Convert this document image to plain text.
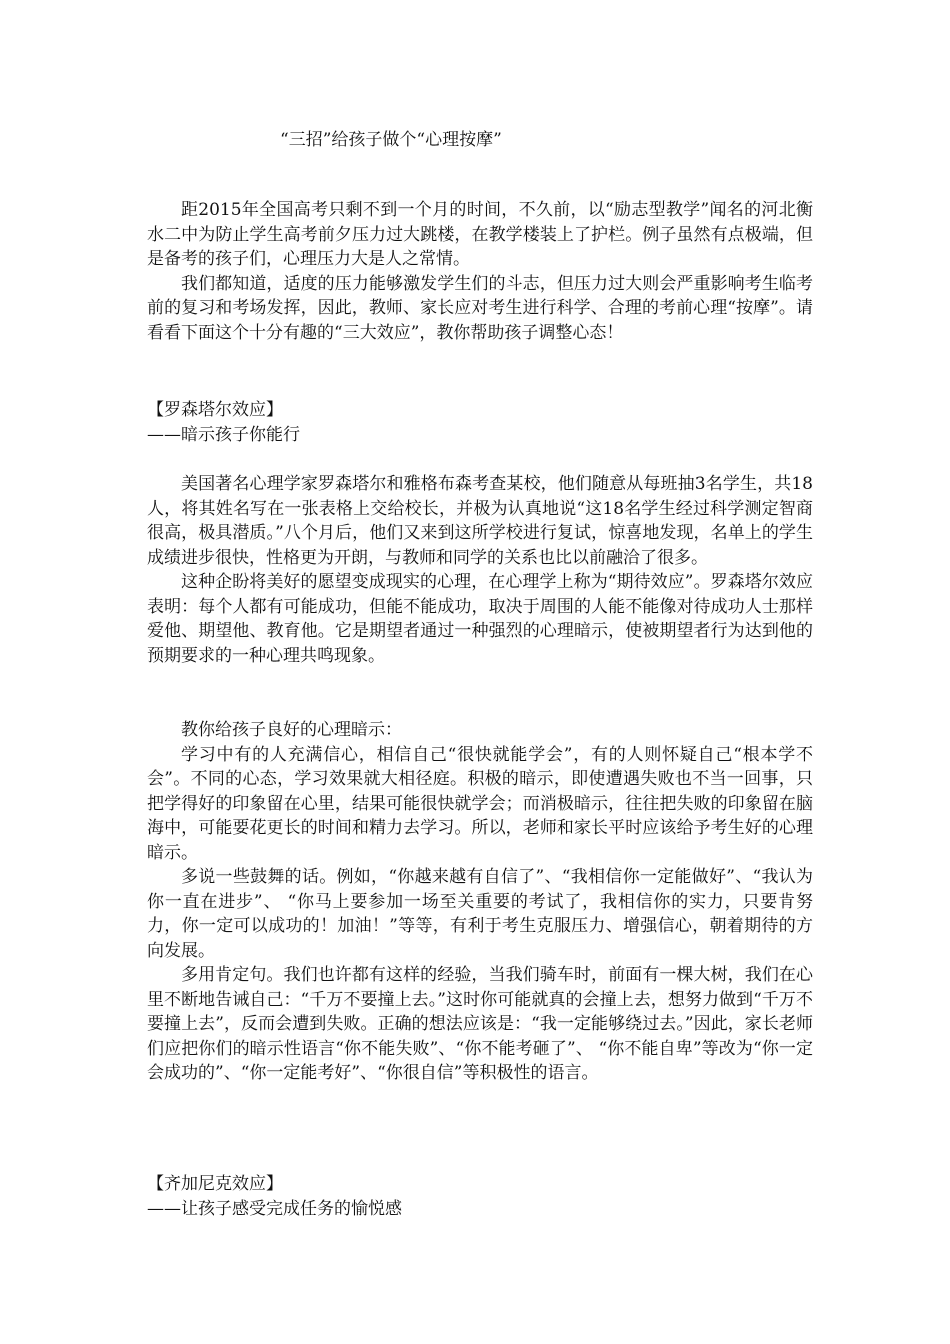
“三招”给孩子做个“心理按摩”

距2015年全国高考只剩不到一个月的时间，不久前，以“励志型教学”闻名的河北衡水二中为防止学生高考前夕压力过大跳楼，在教学楼装上了护栏。例子虽然有点极端，但是备考的孩子们，心理压力大是人之常情。

我们都知道，适度的压力能够激发学生们的斗志，但压力过大则会严重影响考生临考前的复习和考场发挥，因此，教师、家长应对考生进行科学、合理的考前心理“按摩”。请看看下面这个十分有趣的“三大效应”，教你帮助孩子调整心态！

【罗森塔尔效应】
——暗示孩子你能行

美国著名心理学家罗森塔尔和雅格布森考查某校，他们随意从每班抽3名学生，共18人，将其姓名写在一张表格上交给校长，并极为认真地说“这18名学生经过科学测定智商很高，极具潜质。”八个月后，他们又来到这所学校进行复试，惊喜地发现，名单上的学生成绩进步很快，性格更为开朗，与教师和同学的关系也比以前融洽了很多。

这种企盼将美好的愿望变成现实的心理，在心理学上称为“期待效应”。罗森塔尔效应表明：每个人都有可能成功，但能不能成功，取决于周围的人能不能像对待成功人士那样爱他、期望他、教育他。它是期望者通过一种强烈的心理暗示，使被期望者行为达到他的预期要求的一种心理共鸣现象。

教你给孩子良好的心理暗示：

学习中有的人充满信心，相信自己“很快就能学会”，有的人则怀疑自己“根本学不会”。不同的心态，学习效果就大相径庭。积极的暗示，即使遭遇失败也不当一回事，只把学得好的印象留在心里，结果可能很快就学会；而消极暗示，往往把失败的印象留在脑海中，可能要花更长的时间和精力去学习。所以，老师和家长平时应该给予考生好的心理暗示。

多说一些鼓舞的话。例如，“你越来越有自信了”、“我相信你一定能做好”、“我认为你一直在进步”、 “你马上要参加一场至关重要的考试了，我相信你的实力，只要肯努力，你一定可以成功的！加油！”等等，有利于考生克服压力、增强信心，朝着期待的方向发展。

多用肯定句。我们也许都有这样的经验，当我们骑车时，前面有一棵大树，我们在心里不断地告诫自己：“千万不要撞上去。”这时你可能就真的会撞上去，想努力做到“千万不要撞上去”，反而会遭到失败。正确的想法应该是：“我一定能够绕过去。”因此，家长老师们应把你们的暗示性语言“你不能失败”、“你不能考砸了”、 “你不能自卑”等改为“你一定会成功的”、“你一定能考好”、“你很自信”等积极性的语言。

【齐加尼克效应】
——让孩子感受完成任务的愉悦感
